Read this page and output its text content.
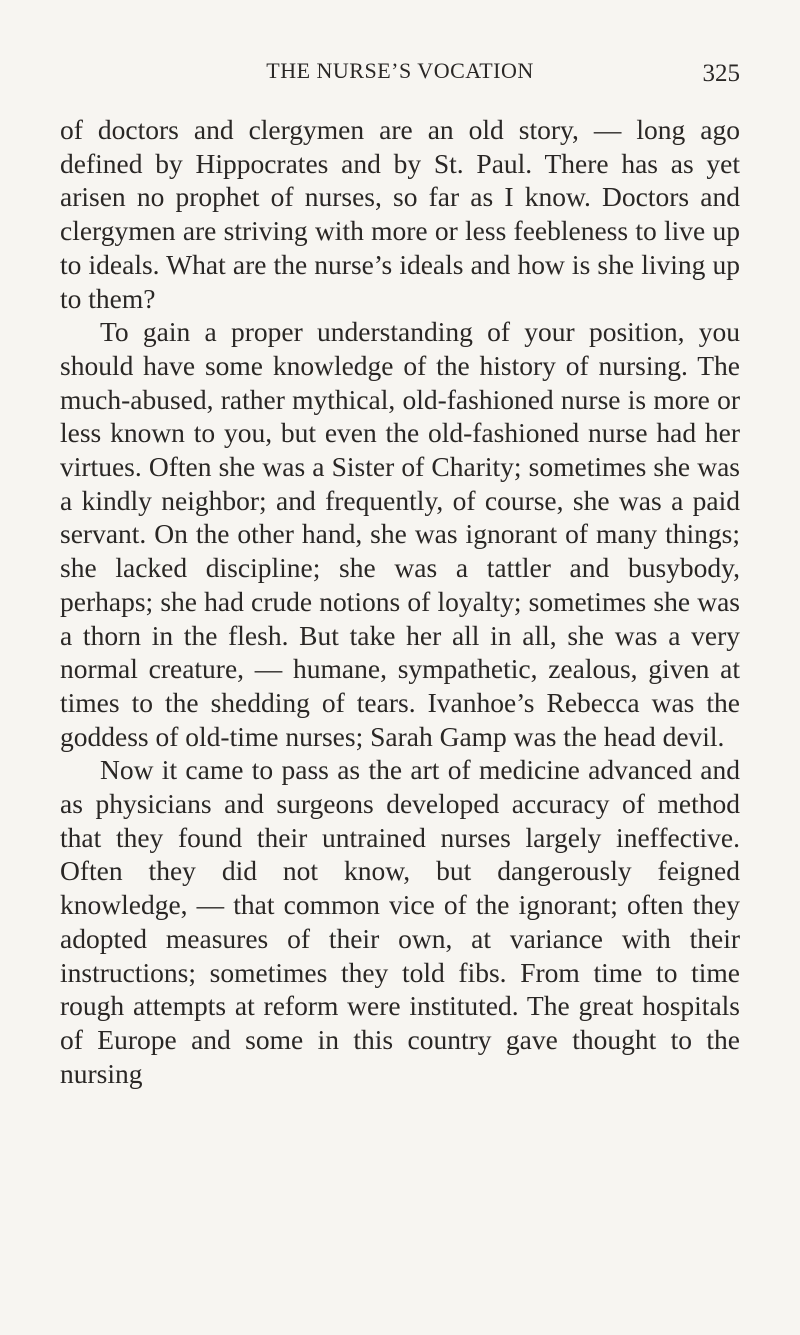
THE NURSE’S VOCATION	325

of doctors and clergymen are an old story, — long ago defined by Hippocrates and by St. Paul. There has as yet arisen no prophet of nurses, so far as I know. Doctors and clergymen are striving with more or less feebleness to live up to ideals. What are the nurse’s ideals and how is she living up to them?

To gain a proper understanding of your position, you should have some knowledge of the history of nursing. The much-abused, rather mythical, old-fashioned nurse is more or less known to you, but even the old-fashioned nurse had her virtues. Often she was a Sister of Charity; sometimes she was a kindly neighbor; and frequently, of course, she was a paid servant. On the other hand, she was ignorant of many things; she lacked discipline; she was a tattler and busybody, perhaps; she had crude notions of loyalty; sometimes she was a thorn in the flesh. But take her all in all, she was a very normal creature, — humane, sympathetic, zealous, given at times to the shedding of tears. Ivanhoe’s Rebecca was the goddess of old-time nurses; Sarah Gamp was the head devil.

Now it came to pass as the art of medicine advanced and as physicians and surgeons developed accuracy of method that they found their untrained nurses largely ineffective. Often they did not know, but dangerously feigned knowledge, — that common vice of the ignorant; often they adopted measures of their own, at variance with their instructions; sometimes they told fibs. From time to time rough attempts at reform were instituted. The great hospitals of Europe and some in this country gave thought to the nursing
